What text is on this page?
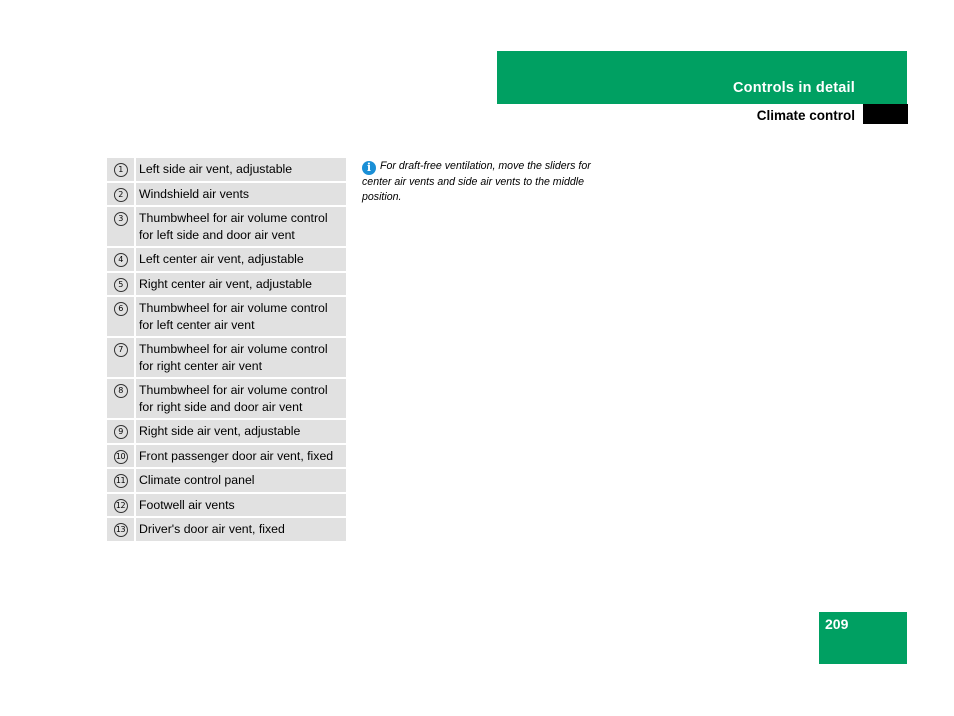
Controls in detail
Climate control
1	Left side air vent, adjustable
2	Windshield air vents
3	Thumbwheel for air volume control for left side and door air vent
4	Left center air vent, adjustable
5	Right center air vent, adjustable
6	Thumbwheel for air volume control for left center air vent
7	Thumbwheel for air volume control for right center air vent
8	Thumbwheel for air volume control for right side and door air vent
9	Right side air vent, adjustable
10	Front passenger door air vent, fixed
11	Climate control panel
12	Footwell air vents
13	Driver's door air vent, fixed
i For draft-free ventilation, move the sliders for center air vents and side air vents to the middle position.
209
